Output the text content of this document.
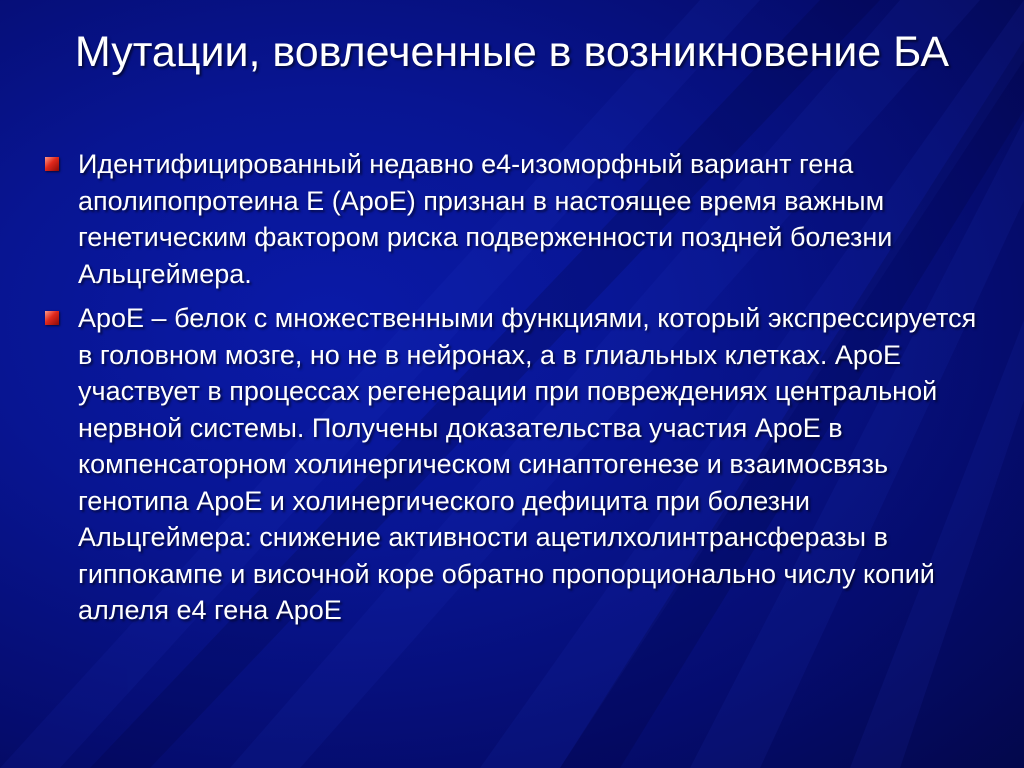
Мутации, вовлеченные в возникновение БА
Идентифицированный недавно е4-изоморфный вариант гена аполипопротеина Е (АроЕ) признан в настоящее время важным генетическим фактором риска подверженности поздней болезни Альцгеймера.
АроЕ – белок с множественными функциями, который экспрессируется в головном мозге, но не в нейронах, а в глиальных клетках. АроЕ участвует в процессах регенерации при повреждениях центральной нервной системы. Получены доказательства участия АроЕ в компенсаторном холинергическом синаптогенезе и взаимосвязь генотипа АроЕ и холинергического дефицита при болезни Альцгеймера: снижение активности ацетилхолинтрансферазы в гиппокампе и височной коре обратно пропорционально числу копий аллеля е4 гена АроЕ
